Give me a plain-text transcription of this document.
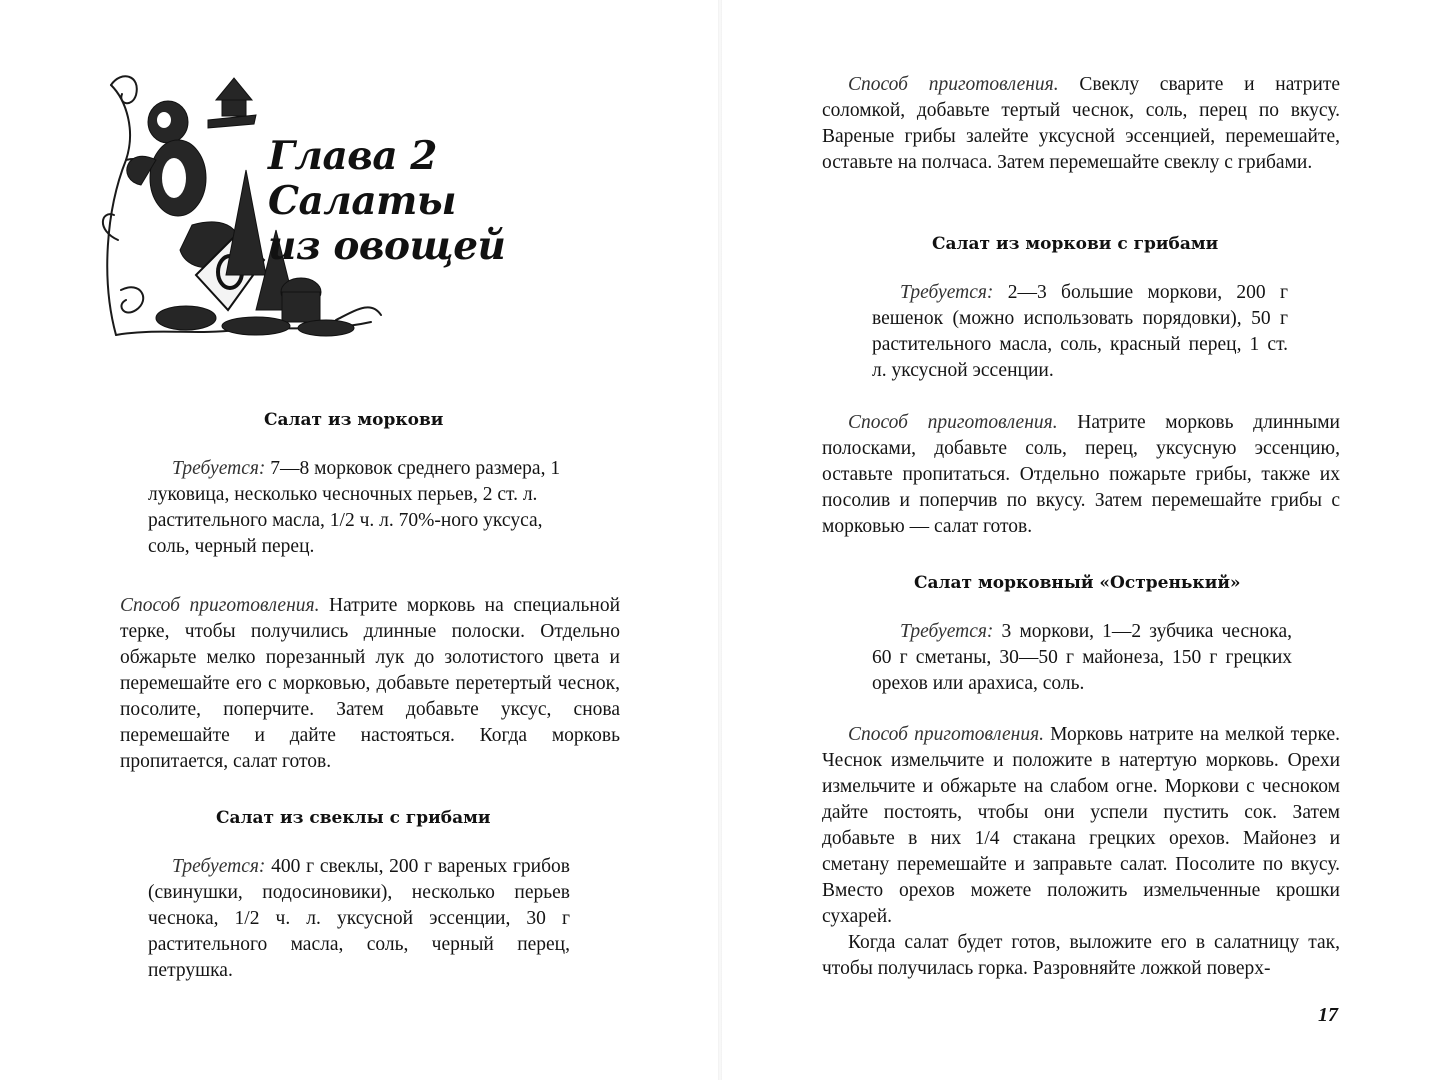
Глава 2
Салаты
из овощей
Салат из моркови

Требуется: 7—8 морковок среднего размера, 1 луковица, несколько чесночных перьев, 2 ст. л. растительного масла, 1/2 ч. л. 70%-ного уксуса, соль, черный перец.

Способ приготовления. Натрите морковь на специальной терке, чтобы получились длинные полоски. Отдельно обжарьте мелко порезанный лук до золотистого цвета и перемешайте его с морковью, добавьте перетертый чеснок, посолите, поперчите. Затем добавьте уксус, снова перемешайте и дайте настояться. Когда морковь пропитается, салат готов.

Салат из свеклы с грибами

Требуется: 400 г свеклы, 200 г вареных грибов (свинушки, подосиновики), несколько перьев чеснока, 1/2 ч. л. уксусной эссенции, 30 г растительного масла, соль, черный перец, петрушка.

Способ приготовления. Свеклу сварите и натрите соломкой, добавьте тертый чеснок, соль, перец по вкусу. Вареные грибы залейте уксусной эссенцией, перемешайте, оставьте на полчаса. Затем перемешайте свеклу с грибами.

Салат из моркови с грибами

Требуется: 2—3 большие моркови, 200 г вешенок (можно использовать порядовки), 50 г растительного масла, соль, красный перец, 1 ст. л. уксусной эссенции.

Способ приготовления. Натрите морковь длинными полосками, добавьте соль, перец, уксусную эссенцию, оставьте пропитаться. Отдельно пожарьте грибы, также их посолив и поперчив по вкусу. Затем перемешайте грибы с морковью — салат готов.

Салат морковный «Остренький»

Требуется: 3 моркови, 1—2 зубчика чеснока, 60 г сметаны, 30—50 г майонеза, 150 г грецких орехов или арахиса, соль.

Способ приготовления. Морковь натрите на мелкой терке. Чеснок измельчите и положите в натертую морковь. Орехи измельчите и обжарьте на слабом огне. Моркови с чесноком дайте постоять, чтобы они успели пустить сок. Затем добавьте в них 1/4 стакана грецких орехов. Майонез и сметану перемешайте и заправьте салат. Посолите по вкусу. Вместо орехов можете положить измельченные крошки сухарей.

Когда салат будет готов, выложите его в салатницу так, чтобы получилась горка. Разровняйте ложкой поверх-

17
